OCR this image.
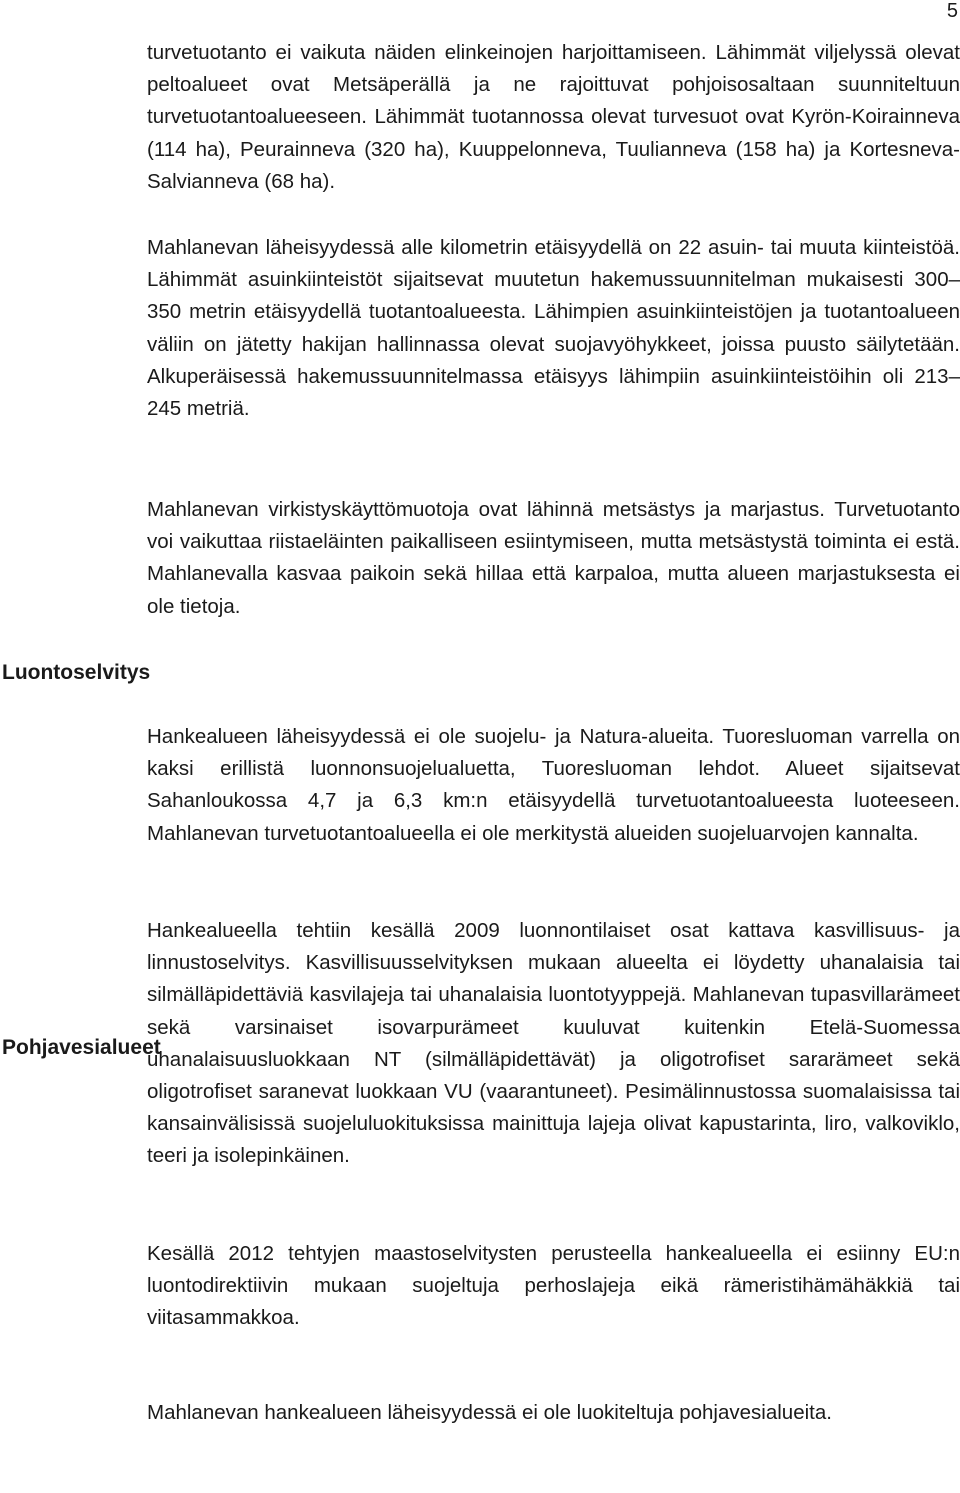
5

turvetuotanto ei vaikuta näiden elinkeinojen harjoittamiseen. Lähimmät viljelyssä olevat peltoalueet ovat Metsäperällä ja ne rajoittuvat pohjoisosaltaan suunniteltuun turvetuotantoalueeseen. Lähimmät tuotannossa olevat turvesuot ovat Kyrön-Koirainneva (114 ha), Peurainneva (320 ha), Kuuppelonneva, Tuulianneva (158 ha) ja Kortesneva-Salvianneva (68 ha).

Mahlanevan läheisyydessä alle kilometrin etäisyydellä on 22 asuin- tai muuta kiinteistöä. Lähimmät asuinkiinteistöt sijaitsevat muutetun hakemussuunnitelman mukaisesti 300–350 metrin etäisyydellä tuotantoalueesta. Lähimpien asuinkiinteistöjen ja tuotantoalueen väliin on jätetty hakijan hallinnassa olevat suojavyöhykkeet, joissa puusto säilytetään. Alkuperäisessä hakemussuunnitelmassa etäisyys lähimpiin asuinkiinteistöihin oli 213–245 metriä.

Mahlanevan virkistyskäyttömuotoja ovat lähinnä metsästys ja marjastus. Turvetuotanto voi vaikuttaa riistaeläinten paikalliseen esiintymiseen, mutta metsästystä toiminta ei estä. Mahlanevalla kasvaa paikoin sekä hillaa että karpaloa, mutta alueen marjastuksesta ei ole tietoja.

Luontoselvitys

Hankealueen läheisyydessä ei ole suojelu- ja Natura-alueita. Tuoresluoman varrella on kaksi erillistä luonnonsuojelualuetta, Tuoresluoman lehdot. Alueet sijaitsevat Sahanloukossa 4,7 ja 6,3 km:n etäisyydellä turvetuotantoalueesta luoteeseen. Mahlanevan turvetuotantoalueella ei ole merkitystä alueiden suojeluarvojen kannalta.

Hankealueella tehtiin kesällä 2009 luonnontilaiset osat kattava kasvillisuus- ja linnustoselvitys. Kasvillisuusselvityksen mukaan alueelta ei löydetty uhanalaisia tai silmälläpidettäviä kasvilajeja tai uhanalaisia luontotyyppejä. Mahlanevan tupasvillarämeet sekä varsinaiset isovarpurämeet kuuluvat kuitenkin Etelä-Suomessa uhanalaisuusluokkaan NT (silmälläpidettävät) ja oligotrofiset sararämeet sekä oligotrofiset saranevat luokkaan VU (vaarantuneet). Pesimälinnustossa suomalaisissa tai kansainvälisissä suojeluluokituksissa mainittuja lajeja olivat kapustarinta, liro, valkoviklo, teeri ja isolepinkäinen.

Kesällä 2012 tehtyjen maastoselvitysten perusteella hankealueella ei esiinny EU:n luontodirektiivin mukaan suojeltuja perhoslajeja eikä rämeristihämähäkkiä tai viitasammakkoa.

Pohjavesialueet

Mahlanevan hankealueen läheisyydessä ei ole luokiteltuja pohjavesialueita.
